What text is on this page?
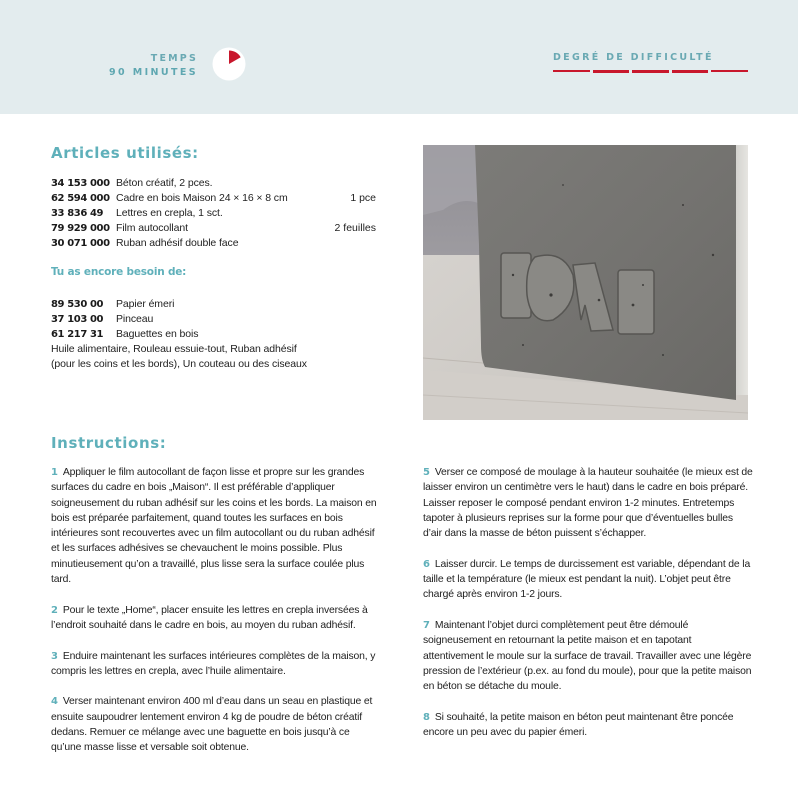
TEMPS
90 MINUTES
DEGRÉ DE DIFFICULTÉ
Articles utilisés:
34 153 000 Béton créatif, 2 pces.
62 594 000 Cadre en bois Maison 24 × 16 × 8 cm	1 pce
33 836 49	Lettres en crepla, 1 sct.
79 929 000 Film autocollant	2 feuilles
30 071 000 Ruban adhésif double face
Tu as encore besoin de:
89 530 00	Papier émeri
37 103 00	Pinceau
61 217 31	Baguettes en bois
Huile alimentaire, Rouleau essuie-tout, Ruban adhésif
(pour les coins et les bords), Un couteau ou des ciseaux
Instructions:
1 Appliquer le film autocollant de façon lisse et propre sur les grandes surfaces du cadre en bois „Maison“. Il est préférable d’appliquer soigneusement du ruban adhésif sur les coins et les bords. La maison en bois est préparée parfaitement, quand toutes les surfaces en bois intérieures sont recouvertes avec un film autocollant ou du ruban adhésif et les surfaces adhésives se chevauchent le moins possible. Plus minutieusement qu’on a travaillé, plus lisse sera la surface coulée plus tard.
2 Pour le texte „Home“, placer ensuite les lettres en crepla inversées à l’endroit souhaité dans le cadre en bois, au moyen du ruban adhésif.
3 Enduire maintenant les surfaces intérieures complètes de la maison, y compris les lettres en crepla, avec l’huile alimentaire.
4 Verser maintenant environ 400 ml d’eau dans un seau en plastique et ensuite saupoudrer lentement environ 4 kg de poudre de béton créatif dedans. Remuer ce mélange avec une baguette en bois jusqu’à ce qu’une masse lisse et versable soit obtenue.
5 Verser ce composé de moulage à la hauteur souhaitée (le mieux est de laisser environ un centimètre vers le haut) dans le cadre en bois préparé. Laisser reposer le composé pendant environ 1-2 minutes. Entretemps tapoter à plusieurs reprises sur la forme pour que d’éventuelles bulles d’air dans la masse de béton puissent s’échapper.
6 Laisser durcir. Le temps de durcissement est variable, dépendant de la taille et la température (le mieux est pendant la nuit). L’objet peut être chargé après environ 1-2 jours.
7 Maintenant l’objet durci complètement peut être démoulé soigneusement en retournant la petite maison et en tapotant attentivement le moule sur la surface de travail. Travailler avec une légère pression de l’extérieur (p.ex. au fond du moule), pour que la petite maison en béton se détache du moule.
8 Si souhaité, la petite maison en béton peut maintenant être poncée encore un peu avec du papier émeri.
